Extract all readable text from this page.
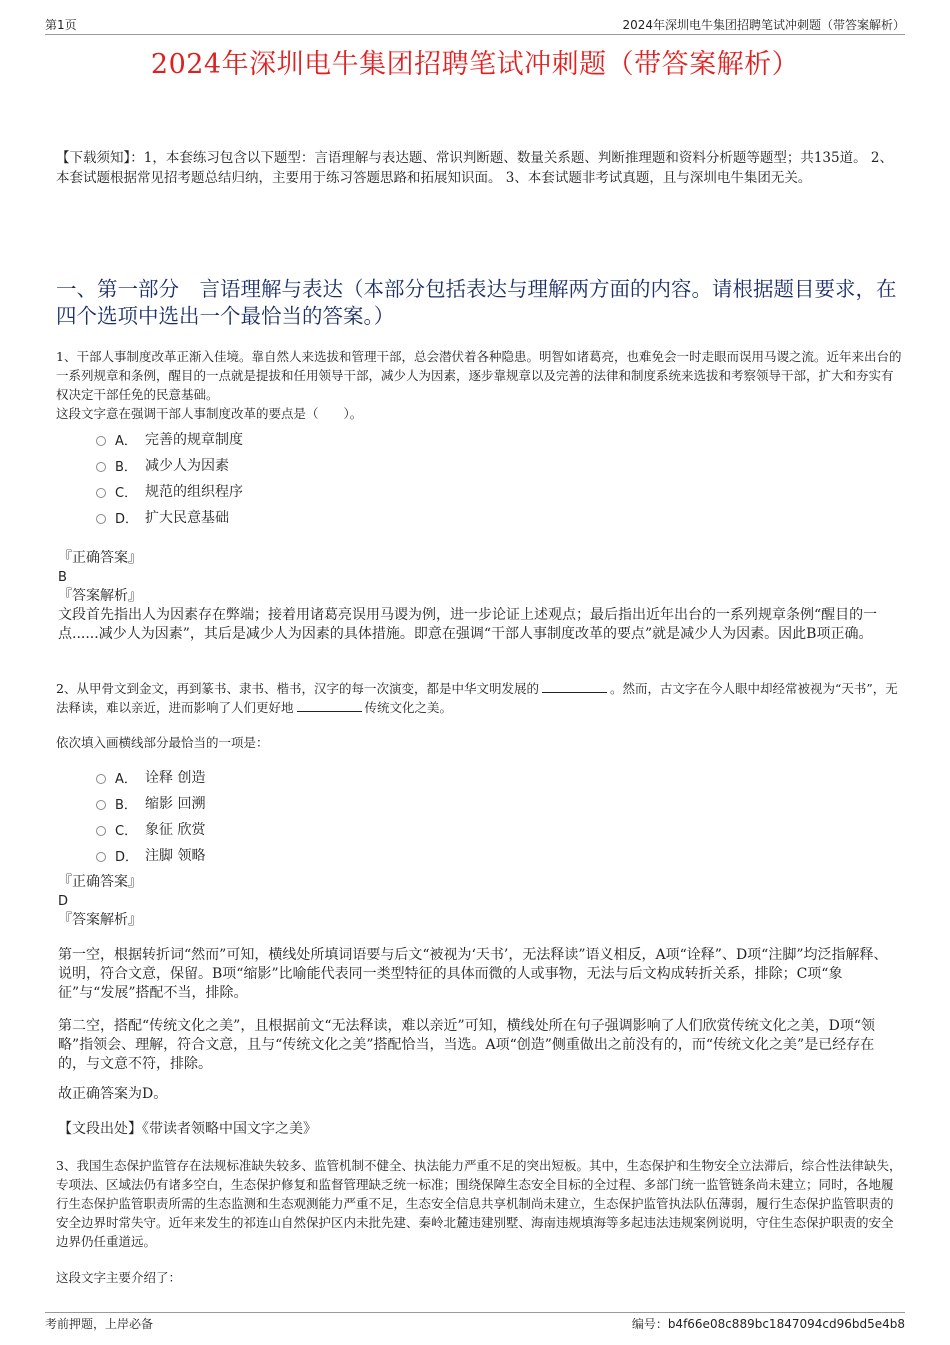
第1页	2024年深圳电牛集团招聘笔试冲刺题（带答案解析）
2024年深圳电牛集团招聘笔试冲刺题（带答案解析）
【下载须知】：1，本套练习包含以下题型：言语理解与表达题、常识判断题、数量关系题、判断推理题和资料分析题等题型；共135道。 2、本套试题根据常见招考题总结归纳，主要用于练习答题思路和拓展知识面。 3、本套试题非考试真题，且与深圳电牛集团无关。
一、第一部分　言语理解与表达（本部分包括表达与理解两方面的内容。请根据题目要求，在四个选项中选出一个最恰当的答案。）
1、干部人事制度改革正渐入佳境。靠自然人来选拔和管理干部，总会潜伏着各种隐患。明智如诸葛亮，也难免会一时走眼而误用马谡之流。近年来出台的一系列规章和条例，醒目的一点就是提拔和任用领导干部，减少人为因素，逐步靠规章以及完善的法律和制度系统来选拔和考察领导干部，扩大和夯实有权决定干部任免的民意基础。
这段文字意在强调干部人事制度改革的要点是（　　）。
A． 完善的规章制度
B． 减少人为因素
C． 规范的组织程序
D． 扩大民意基础
『正确答案』
B
『答案解析』
文段首先指出人为因素存在弊端；接着用诸葛亮误用马谡为例，进一步论证上述观点；最后指出近年出台的一系列规章条例“醒目的一点......减少人为因素”，其后是减少人为因素的具体措施。即意在强调“干部人事制度改革的要点”就是减少人为因素。因此B项正确。
2、从甲骨文到金文，再到篆书、隶书、楷书，汉字的每一次演变，都是中华文明发展的	。然而，古文字在今人眼中却经常被视为“天书”，无法释读，难以亲近，进而影响了人们更好地	传统文化之美。
依次填入画横线部分最恰当的一项是：
A． 诠释 创造
B． 缩影 回溯
C． 象征 欣赏
D． 注脚 领略
『正确答案』
D
『答案解析』
第一空，根据转折词“然而”可知，横线处所填词语要与后文“被视为‘天书’，无法释读”语义相反，A项“诠释”、D项“注脚”均泛指解释、说明，符合文意，保留。B项“缩影”比喻能代表同一类型特征的具体而微的人或事物，无法与后文构成转折关系，排除；C项“象征”与“发展”搭配不当，排除。
第二空，搭配“传统文化之美”，且根据前文“无法释读，难以亲近”可知，横线处所在句子强调影响了人们欣赏传统文化之美，D项“领略”指领会、理解，符合文意，且与“传统文化之美”搭配恰当，当选。A项“创造”侧重做出之前没有的，而“传统文化之美”是已经存在的，与文意不符，排除。
故正确答案为D。
【文段出处】《带读者领略中国文字之美》
3、我国生态保护监管存在法规标准缺失较多、监管机制不健全、执法能力严重不足的突出短板。其中，生态保护和生物安全立法滞后，综合性法律缺失，专项法、区域法仍有诸多空白，生态保护修复和监督管理缺乏统一标准；围绕保障生态安全目标的全过程、多部门统一监管链条尚未建立；同时，各地履行生态保护监管职责所需的生态监测和生态观测能力严重不足，生态安全信息共享机制尚未建立，生态保护监管执法队伍薄弱，履行生态保护监管职责的安全边界时常失守。近年来发生的祁连山自然保护区内未批先建、秦岭北麓违建别墅、海南违规填海等多起违法违规案例说明，守住生态保护职责的安全边界仍任重道远。
这段文字主要介绍了：
考前押题，上岸必备	编号：b4f66e08c889bc1847094cd96bd5e4b8
